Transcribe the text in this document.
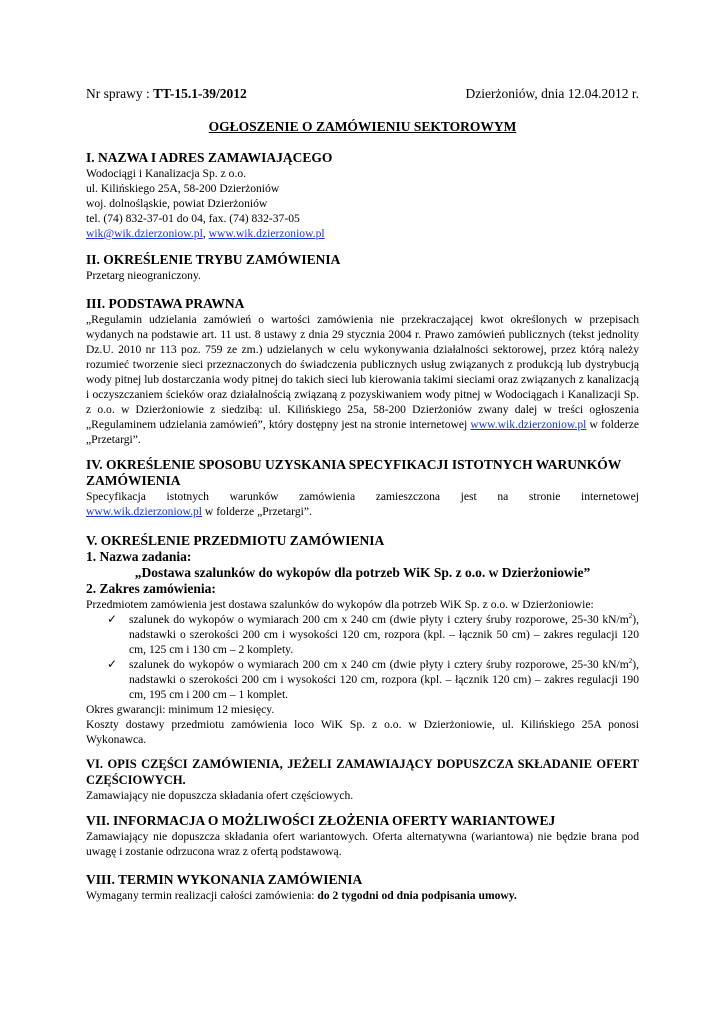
Nr sprawy : TT-15.1-39/2012	Dzierżoniów, dnia 12.04.2012 r.
OGŁOSZENIE O ZAMÓWIENIU SEKTOROWYM
I. NAZWA I ADRES ZAMAWIAJĄCEGO
Wodociągi i Kanalizacja Sp. z o.o.
ul. Kilińskiego 25A, 58-200 Dzierżoniów
woj. dolnośląskie, powiat Dzierżoniów
tel. (74) 832-37-01 do 04, fax. (74) 832-37-05
wik@wik.dzierzoniow.pl, www.wik.dzierzoniow.pl
II. OKREŚLENIE TRYBU ZAMÓWIENIA
Przetarg nieograniczony.
III. PODSTAWA PRAWNA
„Regulamin udzielania zamówień o wartości zamówienia nie przekraczającej kwot określonych w przepisach wydanych na podstawie art. 11 ust. 8 ustawy z dnia 29 stycznia 2004 r. Prawo zamówień publicznych (tekst jednolity Dz.U. 2010 nr 113 poz. 759 ze zm.) udzielanych w celu wykonywania działalności sektorowej, przez którą należy rozumieć tworzenie sieci przeznaczonych do świadczenia publicznych usług związanych z produkcją lub dystrybucją wody pitnej lub dostarczania wody pitnej do takich sieci lub kierowania takimi sieciami oraz związanych z kanalizacją i oczyszczaniem ścieków oraz działalnością związaną z pozyskiwaniem wody pitnej w Wodociągach i Kanalizacji Sp. z o.o. w Dzierżoniowie z siedzibą: ul. Kilińskiego 25a, 58-200 Dzierżoniów zwany dalej w treści ogłoszenia „Regulaminem udzielania zamówień”, który dostępny jest na stronie internetowej www.wik.dzierzoniow.pl w folderze „Przetargi”.
IV. OKREŚLENIE SPOSOBU UZYSKANIA SPECYFIKACJI ISTOTNYCH WARUNKÓW ZAMÓWIENIA
Specyfikacja istotnych warunków zamówienia zamieszczona jest na stronie internetowej
www.wik.dzierzoniow.pl w folderze „Przetargi”.
V. OKREŚLENIE PRZEDMIOTU ZAMÓWIENIA
1. Nazwa zadania:
„Dostawa szalunków do wykopów dla potrzeb WiK Sp. z o.o. w Dzierżoniowie”
2. Zakres zamówienia:
Przedmiotem zamówienia jest dostawa szalunków do wykopów dla potrzeb WiK Sp. z o.o. w Dzierżoniowie:
✓ szalunek do wykopów o wymiarach 200 cm x 240 cm (dwie płyty i cztery śruby rozporowe, 25-30 $kN/m^2$), nadstawki o szerokości 200 cm i wysokości 120 cm, rozpora (kpl. – łącznik 50 cm) – zakres regulacji 120 cm, 125 cm i 130 cm – 2 komplety.
✓ szalunek do wykopów o wymiarach 200 cm x 240 cm (dwie płyty i cztery śruby rozporowe, 25-30 $kN/m^2$), nadstawki o szerokości 200 cm i wysokości 120 cm, rozpora (kpl. – łącznik 120 cm) – zakres regulacji 190 cm, 195 cm i 200 cm – 1 komplet.
Okres gwarancji: minimum 12 miesięcy.
Koszty dostawy przedmiotu zamówienia loco WiK Sp. z o.o. w Dzierżoniowie, ul. Kilińskiego 25A ponosi Wykonawca.
VI. OPIS CZĘŚCI ZAMÓWIENIA, JEŻELI ZAMAWIAJĄCY DOPUSZCZA SKŁADANIE OFERT CZĘŚCIOWYCH.
Zamawiający nie dopuszcza składania ofert częściowych.
VII. INFORMACJA O MOŻLIWOŚCI ZŁOŻENIA OFERTY WARIANTOWEJ
Zamawiający nie dopuszcza składania ofert wariantowych. Oferta alternatywna (wariantowa) nie będzie brana pod uwagę i zostanie odrzucona wraz z ofertą podstawową.
VIII. TERMIN WYKONANIA ZAMÓWIENIA
Wymagany termin realizacji całości zamówienia: do 2 tygodni od dnia podpisania umowy.
